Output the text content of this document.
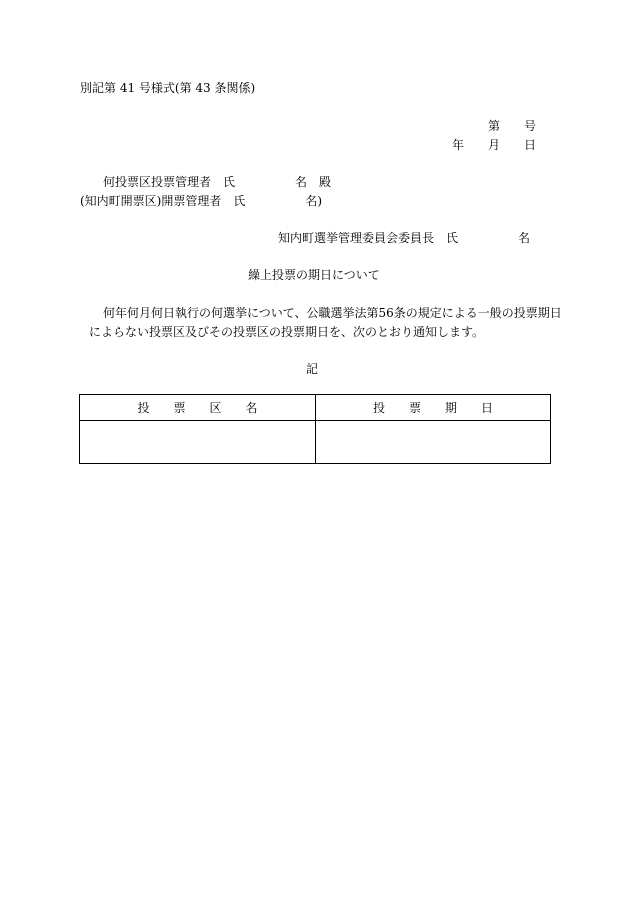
別記第 41 号様式(第 43 条関係)
第　　号
年　　月　　日
何投票区投票管理者　氏　　　　　名　殿
(知内町開票区)開票管理者　氏　　　　　名)
知内町選挙管理委員会委員長　氏　　　　　名
繰上投票の期日について
何年何月何日執行の何選挙について、公職選挙法第56条の規定による一般の投票期日
によらない投票区及びその投票区の投票期日を、次のとおり通知します。
記
投　　票　　区　　名	投　　票　　期　　日
